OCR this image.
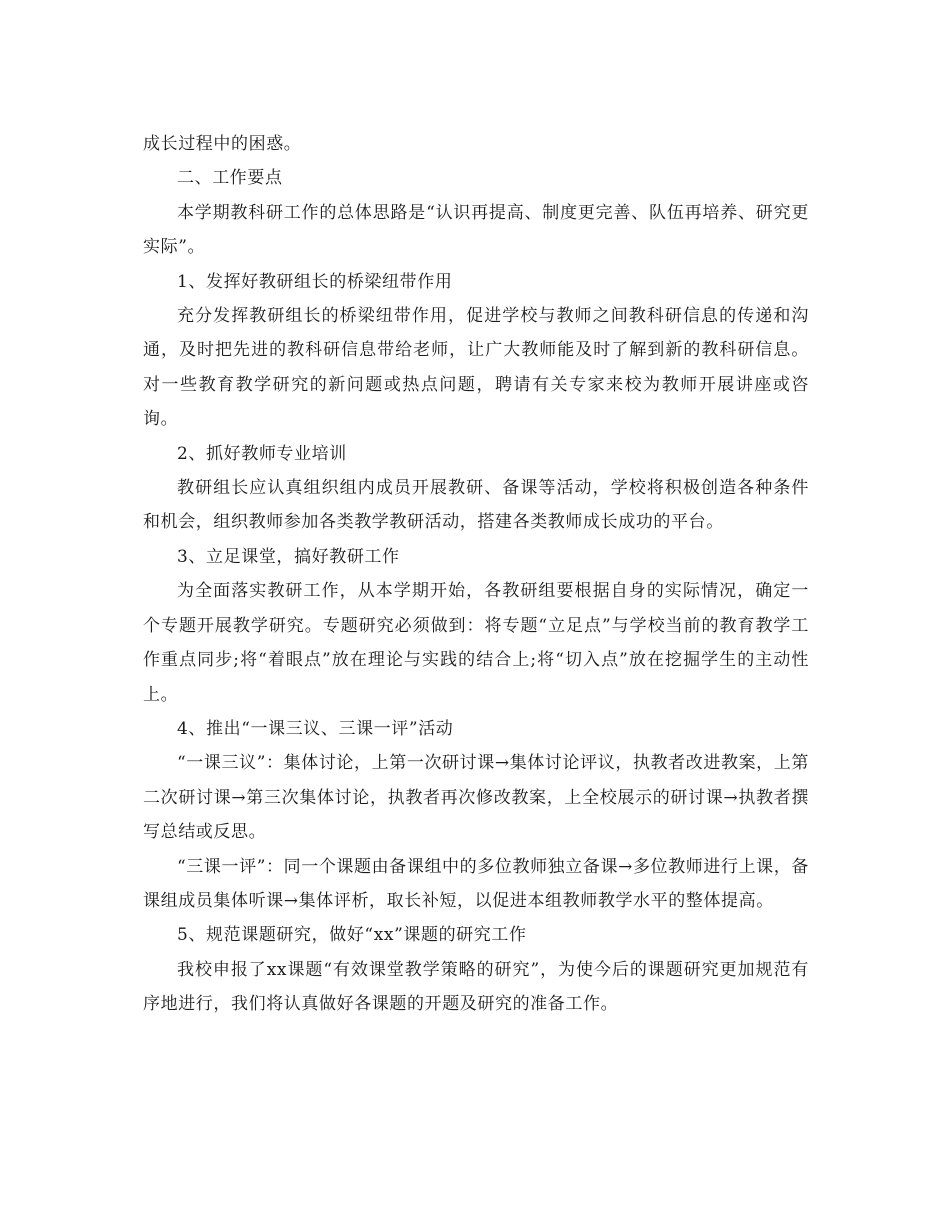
成长过程中的困惑。

二、工作要点

本学期教科研工作的总体思路是“认识再提高、制度更完善、队伍再培养、研究更实际”。

1、发挥好教研组长的桥梁纽带作用

充分发挥教研组长的桥梁纽带作用，促进学校与教师之间教科研信息的传递和沟通，及时把先进的教科研信息带给老师，让广大教师能及时了解到新的教科研信息。对一些教育教学研究的新问题或热点问题，聘请有关专家来校为教师开展讲座或咨询。

2、抓好教师专业培训

教研组长应认真组织组内成员开展教研、备课等活动，学校将积极创造各种条件和机会，组织教师参加各类教学教研活动，搭建各类教师成长成功的平台。

3、立足课堂，搞好教研工作

为全面落实教研工作，从本学期开始，各教研组要根据自身的实际情况，确定一个专题开展教学研究。专题研究必须做到：将专题“立足点”与学校当前的教育教学工作重点同步;将“着眼点”放在理论与实践的结合上;将“切入点”放在挖掘学生的主动性上。

4、推出“一课三议、三课一评”活动

“一课三议”：集体讨论，上第一次研讨课→集体讨论评议，执教者改进教案，上第二次研讨课→第三次集体讨论，执教者再次修改教案，上全校展示的研讨课→执教者撰写总结或反思。

“三课一评”：同一个课题由备课组中的多位教师独立备课→多位教师进行上课，备课组成员集体听课→集体评析，取长补短，以促进本组教师教学水平的整体提高。

5、规范课题研究，做好“xx”课题的研究工作

我校申报了xx课题“有效课堂教学策略的研究”，为使今后的课题研究更加规范有序地进行，我们将认真做好各课题的开题及研究的准备工作。
